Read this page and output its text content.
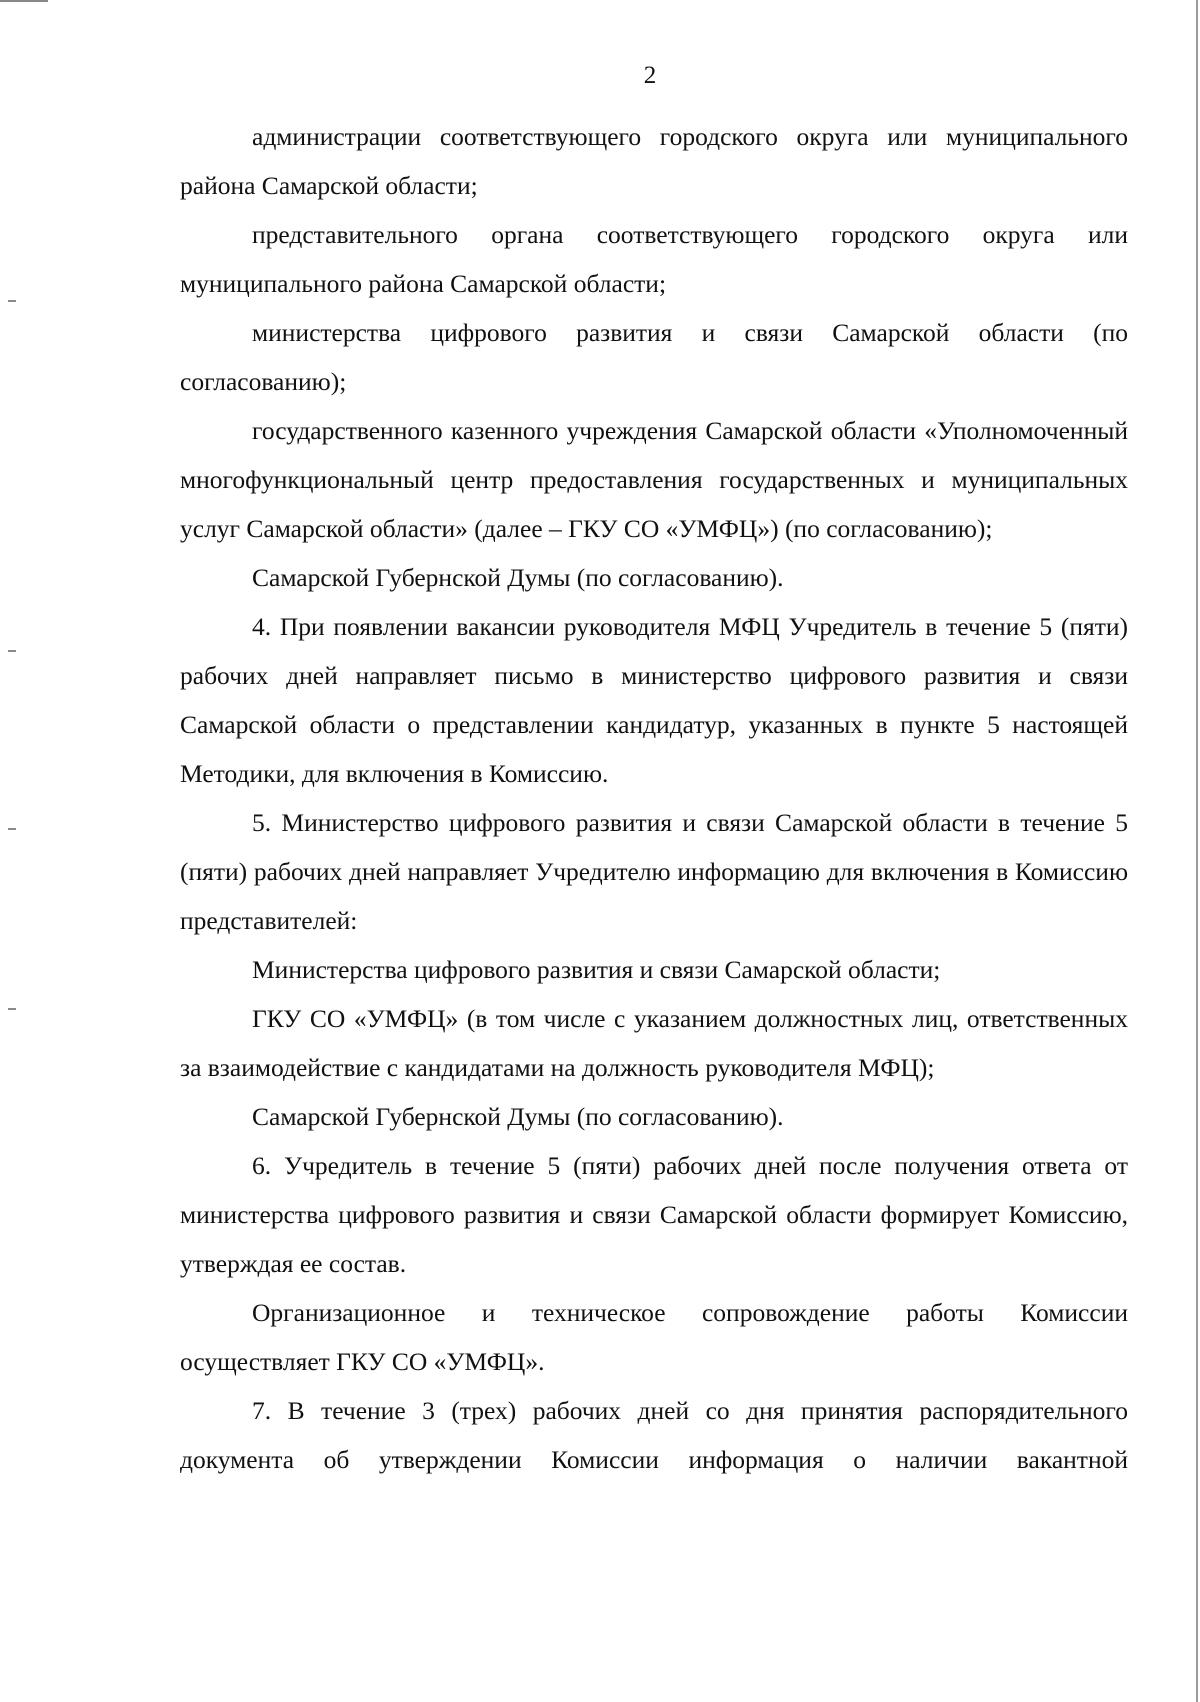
2

администрации соответствующего городского округа или муниципального района Самарской области;

представительного органа соответствующего городского округа или муниципального района Самарской области;

министерства цифрового развития и связи Самарской области (по согласованию);

государственного казенного учреждения Самарской области «Уполномоченный многофункциональный центр предоставления государственных и муниципальных услуг Самарской области» (далее – ГКУ СО «УМФЦ») (по согласованию);

Самарской Губернской Думы (по согласованию).

4. При появлении вакансии руководителя МФЦ Учредитель в течение 5 (пяти) рабочих дней направляет письмо в министерство цифрового развития и связи Самарской области о представлении кандидатур, указанных в пункте 5 настоящей Методики, для включения в Комиссию.

5. Министерство цифрового развития и связи Самарской области в течение 5 (пяти) рабочих дней направляет Учредителю информацию для включения в Комиссию представителей:

Министерства цифрового развития и связи Самарской области;

ГКУ СО «УМФЦ» (в том числе с указанием должностных лиц, ответственных за взаимодействие с кандидатами на должность руководителя МФЦ);

Самарской Губернской Думы (по согласованию).

6. Учредитель в течение 5 (пяти) рабочих дней после получения ответа от министерства цифрового развития и связи Самарской области формирует Комиссию, утверждая ее состав.

Организационное и техническое сопровождение работы Комиссии осуществляет ГКУ СО «УМФЦ».

7. В течение 3 (трех) рабочих дней со дня принятия распорядительного документа об утверждении Комиссии информация о наличии вакантной
